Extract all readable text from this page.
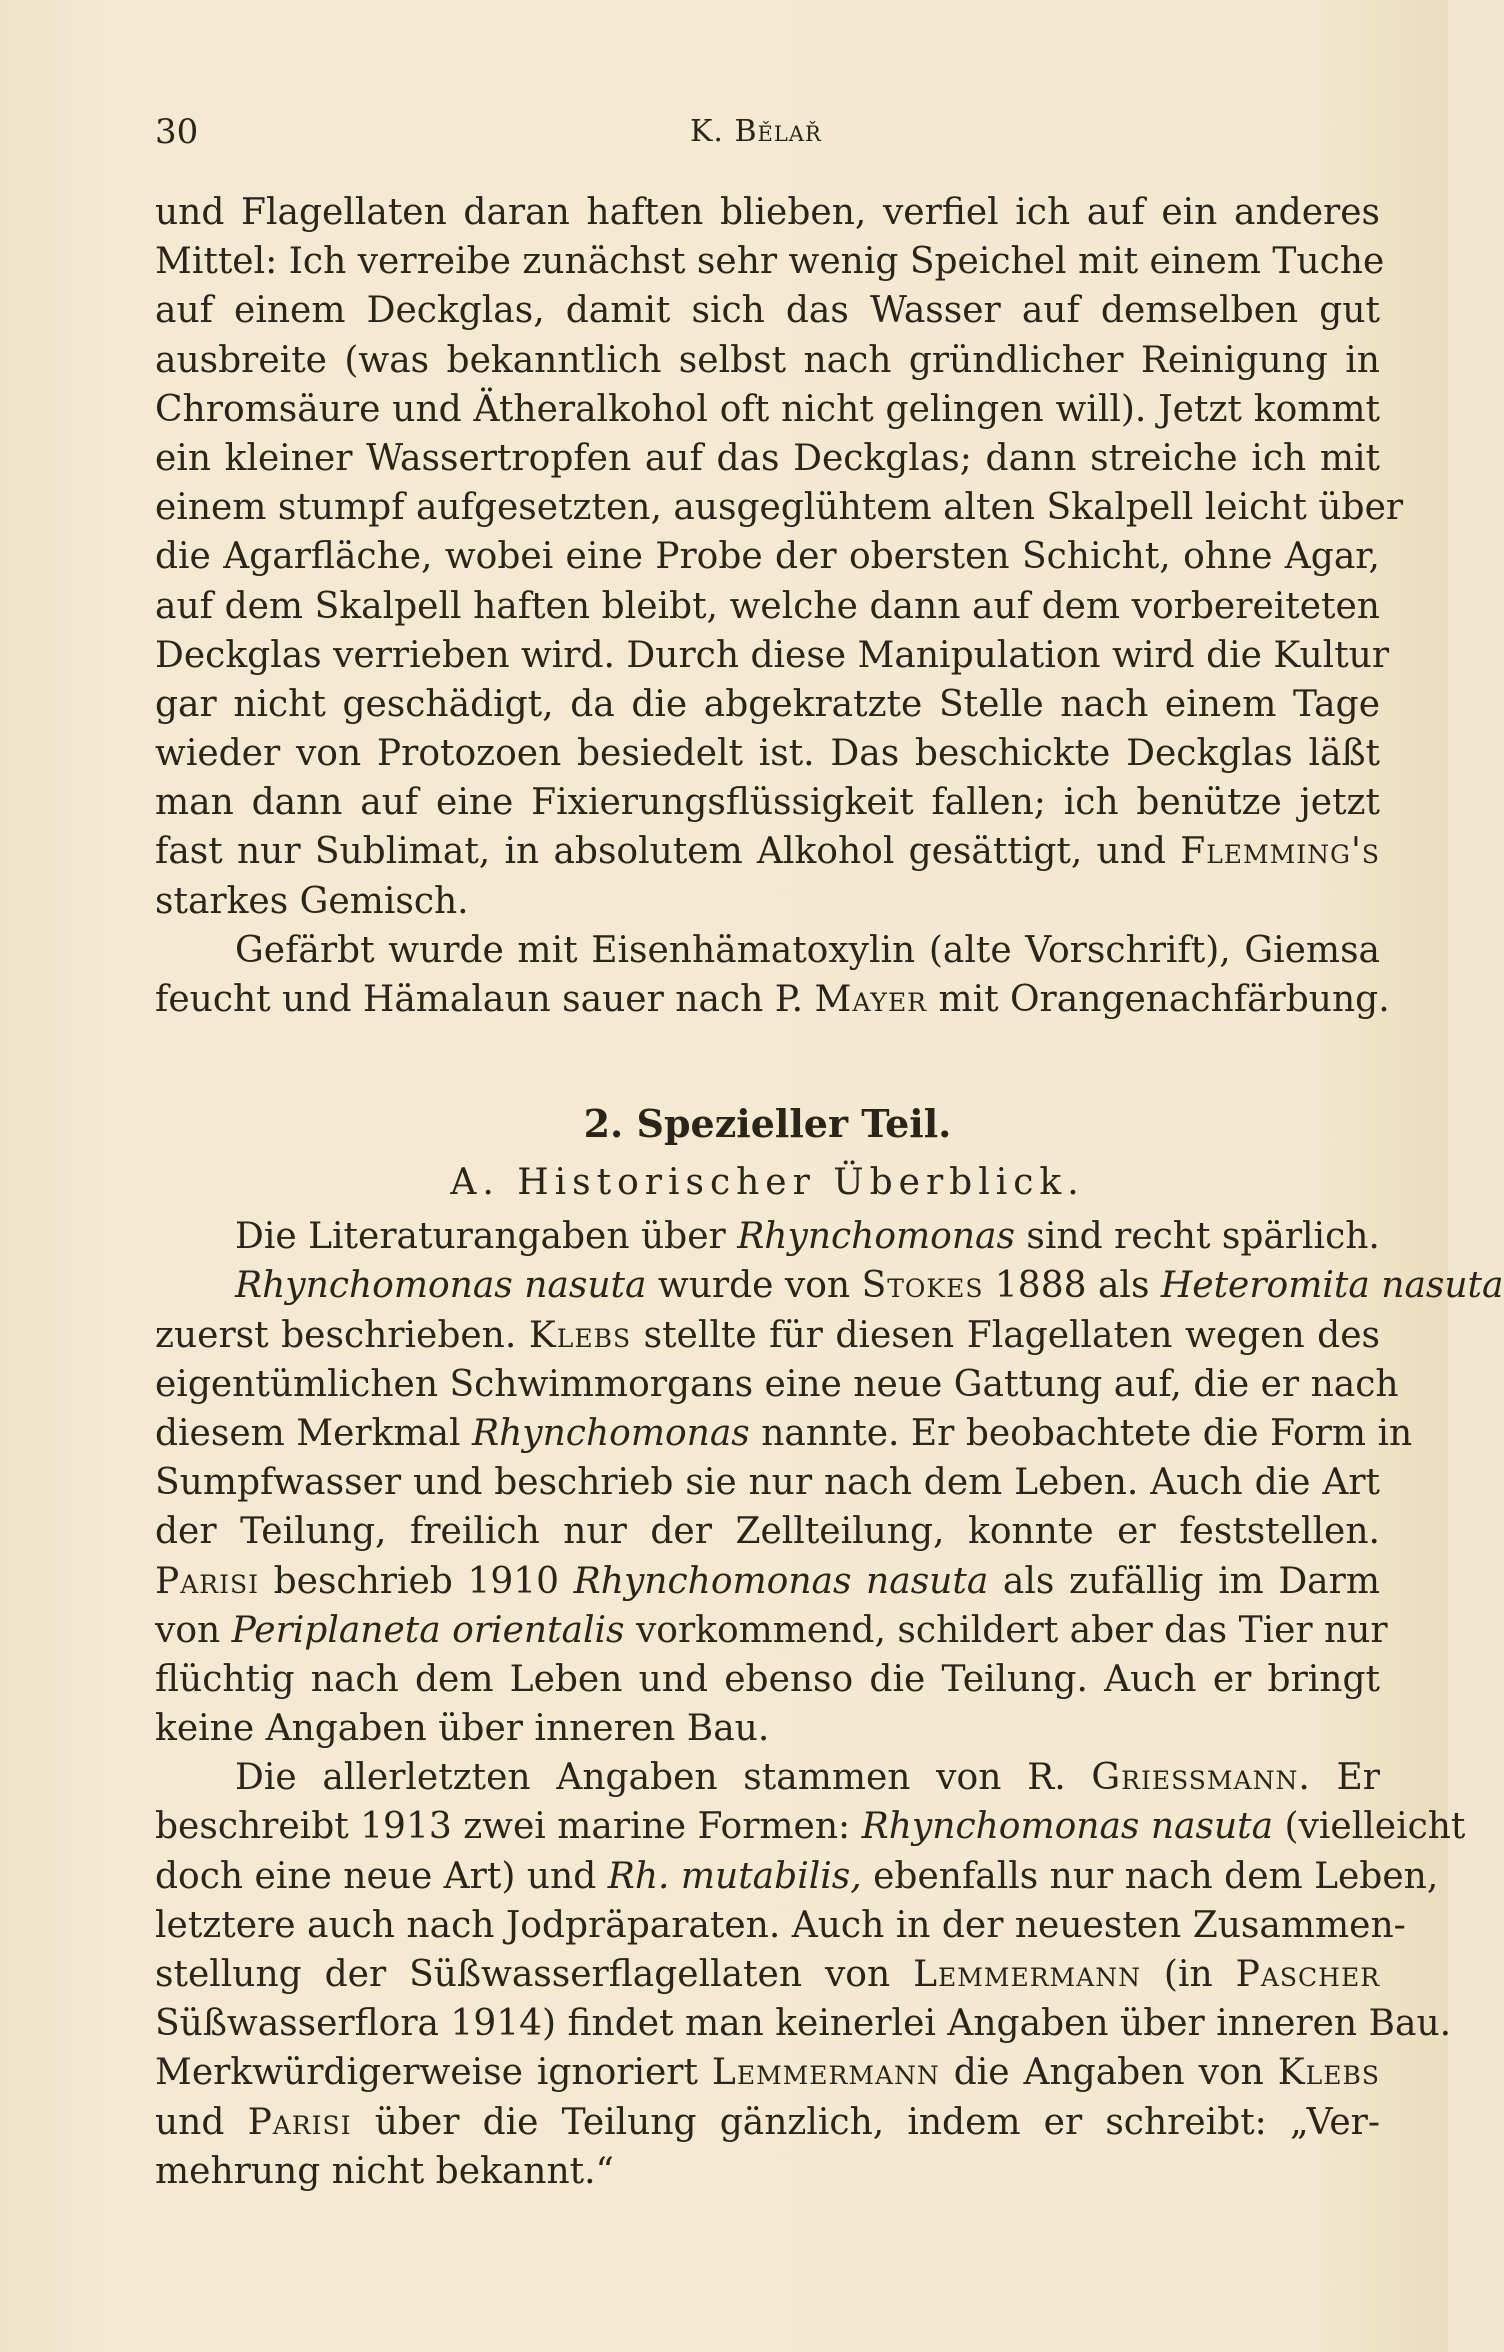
30	K. Bělař
und Flagellaten daran haften blieben, verfiel ich auf ein anderes
Mittel: Ich verreibe zunächst sehr wenig Speichel mit einem Tuche
auf einem Deckglas, damit sich das Wasser auf demselben gut
ausbreite (was bekanntlich selbst nach gründlicher Reinigung in
Chromsäure und Ätheralkohol oft nicht gelingen will). Jetzt kommt
ein kleiner Wassertropfen auf das Deckglas; dann streiche ich mit
einem stumpf aufgesetzten, ausgeglühtem alten Skalpell leicht über
die Agarfläche, wobei eine Probe der obersten Schicht, ohne Agar,
auf dem Skalpell haften bleibt, welche dann auf dem vorbereiteten
Deckglas verrieben wird. Durch diese Manipulation wird die Kultur
gar nicht geschädigt, da die abgekratzte Stelle nach einem Tage
wieder von Protozoen besiedelt ist. Das beschickte Deckglas läßt
man dann auf eine Fixierungsflüssigkeit fallen; ich benütze jetzt
fast nur Sublimat, in absolutem Alkohol gesättigt, und Flemming's
starkes Gemisch.
Gefärbt wurde mit Eisenhämatoxylin (alte Vorschrift), Giemsa
feucht und Hämalaun sauer nach P. Mayer mit Orangenachfärbung.
2. Spezieller Teil.
A. Historischer Überblick.
Die Literaturangaben über Rhynchomonas sind recht spärlich.
Rhynchomonas nasuta wurde von Stokes 1888 als Heteromita nasuta
zuerst beschrieben. Klebs stellte für diesen Flagellaten wegen des
eigentümlichen Schwimmorgans eine neue Gattung auf, die er nach
diesem Merkmal Rhynchomonas nannte. Er beobachtete die Form in
Sumpfwasser und beschrieb sie nur nach dem Leben. Auch die Art
der Teilung, freilich nur der Zellteilung, konnte er feststellen.
Parisi beschrieb 1910 Rhynchomonas nasuta als zufällig im Darm
von Periplaneta orientalis vorkommend, schildert aber das Tier nur
flüchtig nach dem Leben und ebenso die Teilung. Auch er bringt
keine Angaben über inneren Bau.
Die allerletzten Angaben stammen von R. Griessmann. Er
beschreibt 1913 zwei marine Formen: Rhynchomonas nasuta (vielleicht
doch eine neue Art) und Rh. mutabilis, ebenfalls nur nach dem Leben,
letztere auch nach Jodpräparaten. Auch in der neuesten Zusammen-
stellung der Süßwasserflagellaten von Lemmermann (in Pascher
Süßwasserflora 1914) findet man keinerlei Angaben über inneren Bau.
Merkwürdigerweise ignoriert Lemmermann die Angaben von Klebs
und Parisi über die Teilung gänzlich, indem er schreibt: „Ver-
mehrung nicht bekannt.“
